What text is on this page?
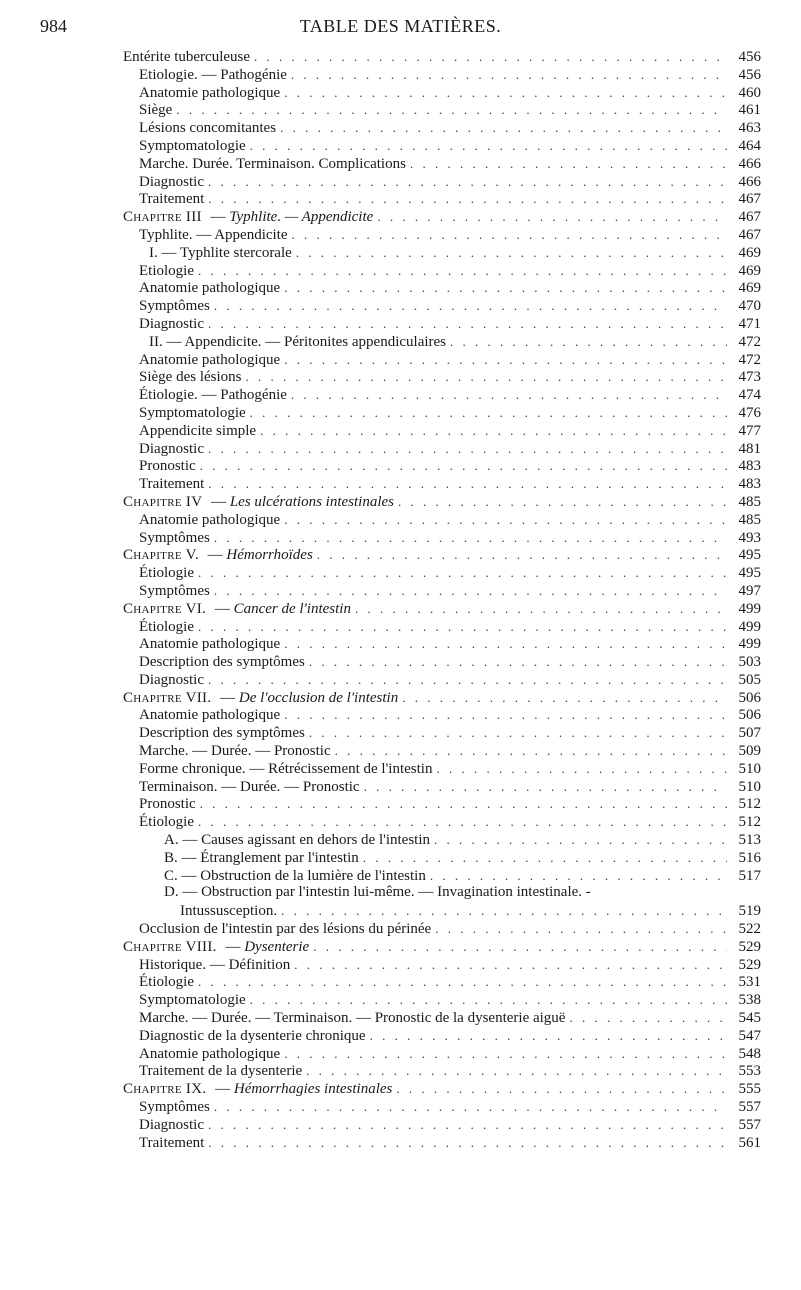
984	TABLE DES MATIÈRES.
Entérite tuberculeuse . . .	456
Etiologie. — Pathogénie . . .	456
Anatomie pathologique . . .	460
Siège . . .	461
Lésions concomitantes . . .	463
Symptomatologie . . .	464
Marche. Durée. Terminaison. Complications . . .	466
Diagnostic . . .	466
Traitement . . .	467
Chapitre III — Typhlite. — Appendicite . . .	467
Typhlite. — Appendicite . . .	467
I. — Typhlite stercorale . . .	469
Etiologie . . .	469
Anatomie pathologique . . .	469
Symptômes . . .	470
Diagnostic . . .	471
II. — Appendicite. — Péritonites appendiculaires . . .	472
Anatomie pathologique . . .	472
Siège des lésions . . .	473
Étiologie. — Pathogénie . . .	474
Symptomatologie . . .	476
Appendicite simple . . .	477
Diagnostic . . .	481
Pronostic . . .	483
Traitement . . .	483
Chapitre IV — Les ulcérations intestinales . . .	485
Anatomie pathologique . . .	485
Symptômes . . .	493
Chapitre V. — Hémorrhoïdes . . .	495
Étiologie . . .	495
Symptômes . . .	497
Chapitre VI. — Cancer de l'intestin . . .	499
Étiologie . . .	499
Anatomie pathologique . . .	499
Description des symptômes . . .	503
Diagnostic . . .	505
Chapitre VII. — De l'occlusion de l'intestin . . .	506
Anatomie pathologique . . .	506
Description des symptômes . . .	507
Marche. — Durée. — Pronostic . . .	509
Forme chronique. — Rétrécissement de l'intestin . . .	510
Terminaison. — Durée. — Pronostic . . .	510
Pronostic . . .	512
Étiologie . . .	512
A. — Causes agissant en dehors de l'intestin . . .	513
B. — Étranglement par l'intestin . . .	516
C. — Obstruction de la lumière de l'intestin . . .	517
D. — Obstruction par l'intestin lui-même. — Invagination intestinale. -
Intussusception. . . .	519
Occlusion de l'intestin par des lésions du périnée . . .	522
Chapitre VIII. — Dysenterie . . .	529
Historique. — Définition . . .	529
Étiologie . . .	531
Symptomatologie . . .	538
Marche. — Durée. — Terminaison. — Pronostic de la dysenterie aiguë . . .	545
Diagnostic de la dysenterie chronique . . .	547
Anatomie pathologique . . .	548
Traitement de la dysenterie . . .	553
Chapitre IX. — Hémorrhagies intestinales . . .	555
Symptômes . . .	557
Diagnostic . . .	557
Traitement . . .	561
